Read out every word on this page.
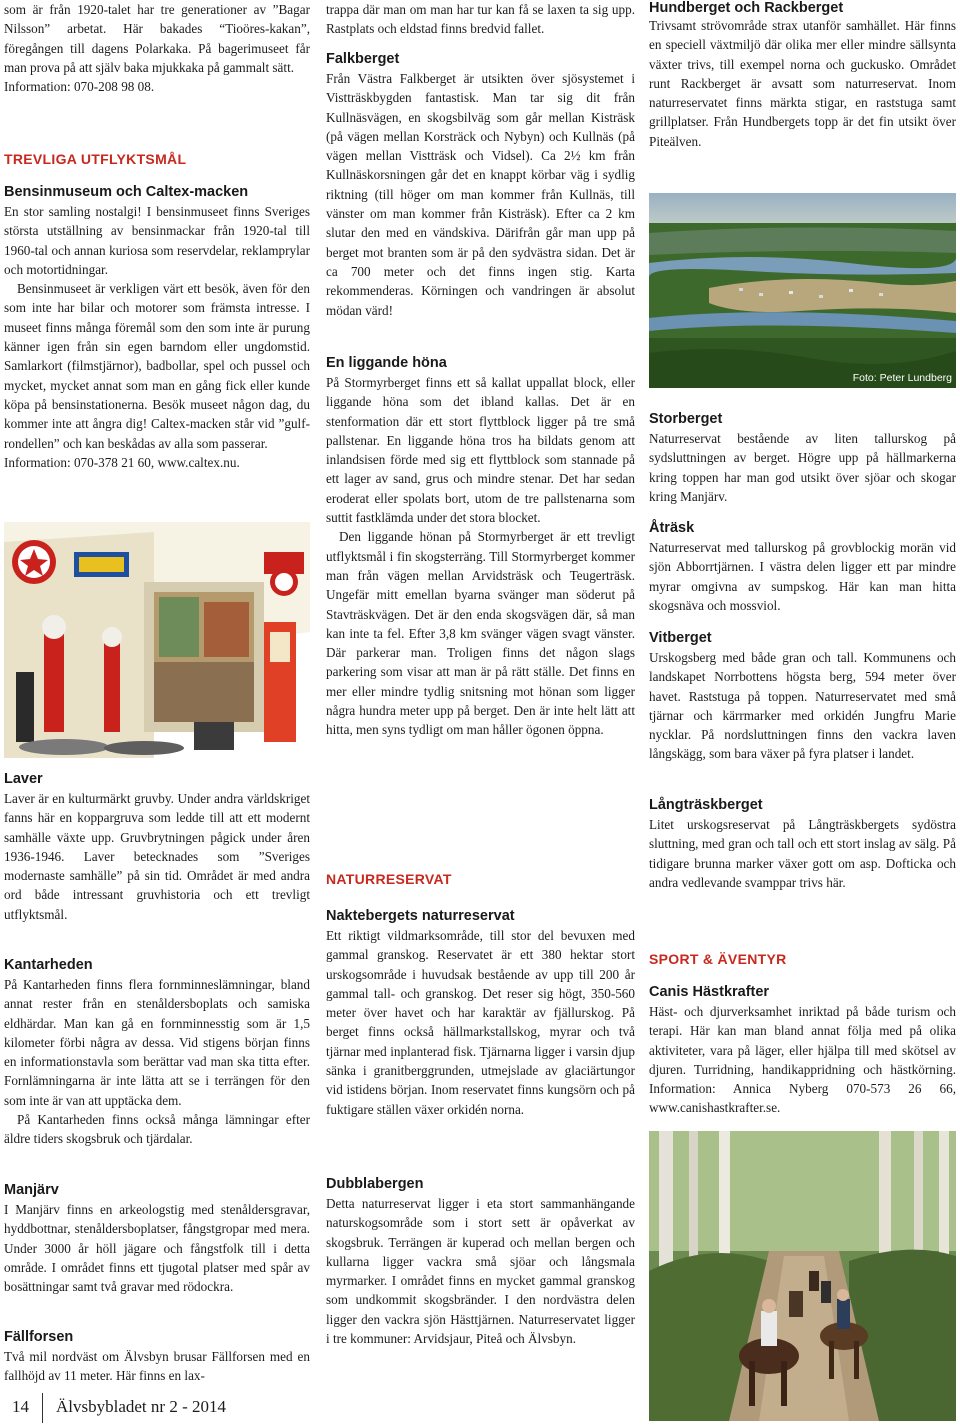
som är från 1920-talet har tre generationer av ”Bagar Nilsson” arbetat. Här bakades “Tioöres-kakan”, föregången till dagens Polarkaka. På bagerimuseet får man prova på att själv baka mjukkaka på gammalt sätt.

Information: 070-208 98 08.

TREVLIGA UTFLYKTSMÅL
Bensinmuseum och Caltex-macken

En stor samling nostalgi! I bensinmuseet finns Sveriges största utställning av bensinmackar från 1920-tal till 1960-tal och annan kuriosa som reservdelar, reklamprylar och motortidningar.

Bensinmuseet är verkligen värt ett besök, även för den som inte har bilar och motorer som främsta intresse. I museet finns många föremål som den som inte är purung känner igen från sin egen barndom eller ungdomstid. Samlarkort (filmstjärnor), badbollar, spel och pussel och mycket, mycket annat som man en gång fick eller kunde köpa på bensinstationerna. Besök museet någon dag, du kommer inte att ångra dig! Caltex-macken står vid ”gulf-rondellen” och kan beskådas av alla som passerar.

Information: 070-378 21 60, www.caltex.nu.

Laver

Laver är en kulturmärkt gruvby. Under andra världskriget fanns här en koppargruva som ledde till att ett modernt samhälle växte upp. Gruvbrytningen pågick under åren 1936-1946. Laver betecknades som ”Sveriges modernaste samhälle” på sin tid. Området är med andra ord både intressant gruvhistoria och ett trevligt utflyktsmål.

Kantarheden

På Kantarheden finns flera fornminneslämningar, bland annat rester från en stenåldersboplats och samiska eldhärdar. Man kan gå en fornminnesstig som är 1,5 kilometer förbi några av dessa. Vid stigens början finns en informationstavla som berättar vad man ska titta efter. Fornlämningarna är inte lätta att se i terrängen för den som inte är van att upptäcka dem.

På Kantarheden finns också många lämningar efter äldre tiders skogsbruk och tjärdalar.

Manjärv

I Manjärv finns en arkeologstig med stenåldersgravar, hyddbottnar, stenåldersboplatser, fångstgropar med mera. Under 3000 år höll jägare och fångstfolk till i detta område. I området finns ett tjugotal platser med spår av bosättningar samt två gravar med rödockra.

Fällforsen

Två mil nordväst om Älvsbyn brusar Fällforsen med en fallhöjd av 11 meter. Här finns en lax-

trappa där man om man har tur kan få se laxen ta sig upp. Rastplats och eldstad finns bredvid fallet.

Falkberget

Från Västra Falkberget är utsikten över sjösystemet i Vistträskbygden fantastisk. Man tar sig dit från Kullnäsvägen, en skogsbilväg som går mellan Kisträsk (på vägen mellan Korsträck och Nybyn) och Kullnäs (på vägen mellan Vistträsk och Vidsel). Ca 2½ km från Kullnäskorsningen går det en knappt körbar väg i sydlig riktning (till höger om man kommer från Kullnäs, till vänster om man kommer från Kisträsk). Efter ca 2 km slutar den med en vändskiva. Därifrån går man upp på berget mot branten som är på den sydvästra sidan. Det är ca 700 meter och det finns ingen stig. Karta rekommenderas. Körningen och vandringen är absolut mödan värd!

En liggande höna

På Stormyrberget finns ett så kallat uppallat block, eller liggande höna som det ibland kallas. Det är en stenformation där ett stort flyttblock ligger på tre små pallstenar. En liggande höna tros ha bildats genom att inlandsisen förde med sig ett flyttblock som stannade på ett lager av sand, grus och mindre stenar. Det har sedan eroderat eller spolats bort, utom de tre pallstenarna som suttit fastklämda under det stora blocket.

Den liggande hönan på Stormyrberget är ett trevligt utflyktsmål i fin skogsterräng. Till Stormyrberget kommer man från vägen mellan Arvidsträsk och Teugerträsk. Ungefär mitt emellan byarna svänger man söderut på Stavträskvägen. Det är den enda skogsvägen där, så man kan inte ta fel. Efter 3,8 km svänger vägen svagt vänster. Där parkerar man. Troligen finns det någon slags parkering som visar att man är på rätt ställe. Det finns en mer eller mindre tydlig snitsning mot hönan som ligger några hundra meter upp på berget. Den är inte helt lätt att hitta, men syns tydligt om man håller ögonen öppna.

NATURRESERVAT
Naktebergets naturreservat

Ett riktigt vildmarksområde, till stor del bevuxen med gammal granskog. Reservatet är ett 380 hektar stort urskogsområde i huvudsak bestående av upp till 200 år gammal tall- och granskog. Det reser sig högt, 350-560 meter över havet och har karaktär av fjällurskog. På berget finns också hällmarkstallskog, myrar och två tjärnar med inplanterad fisk. Tjärnarna ligger i varsin djup sänka i granitberggrunden, utmejslade av glaciärtungor vid istidens början. Inom reservatet finns kungsörn och på fuktigare ställen växer orkidén norna.

Dubblabergen

Detta naturreservat ligger i eta stort sammanhängande naturskogsområde som i stort sett är opåverkat av skogsbruk. Terrängen är kuperad och mellan bergen och kullarna ligger vackra små sjöar och långsmala myrmarker. I området finns en mycket gammal granskog som undkommit skogsbränder. I den nordvästra delen ligger den vackra sjön Hästtjärnen. Naturreservatet ligger i tre kommuner: Arvidsjaur, Piteå och Älvsbyn.

Hundberget och Rackberget

Trivsamt strövområde strax utanför samhället. Här finns en speciell växtmiljö där olika mer eller mindre sällsynta växter trivs, till exempel norna och guckusko. Området runt Rackberget är avsatt som naturreservat. Inom naturreservatet finns märkta stigar, en raststuga samt grillplatser. Från Hundbergets topp är det fin utsikt över Piteälven.

Foto: Peter Lundberg
Storberget

Naturreservat bestående av liten tallurskog på sydsluttningen av berget. Högre upp på hällmarkerna kring toppen har man god utsikt över sjöar och skogar kring Manjärv.

Åträsk

Naturreservat med tallurskog på grovblockig morän vid sjön Abborrtjärnen. I västra delen ligger ett par mindre myrar omgivna av sumpskog. Här kan man hitta skogsnäva och mossviol.

Vitberget

Urskogsberg med både gran och tall. Kommunens och landskapet Norrbottens högsta berg, 594 meter över havet. Raststuga på toppen. Naturreservatet med små tjärnar och kärrmarker med orkidén Jungfru Marie nycklar. På nordsluttningen finns den vackra laven långskägg, som bara växer på fyra platser i landet.

Långträskberget

Litet urskogsreservat på Långträskbergets sydöstra sluttning, med gran och tall och ett stort inslag av sälg. På tidigare brunna marker växer gott om asp. Dofticka och andra vedlevande svamppar trivs här.

SPORT & ÄVENTYR
Canis Hästkrafter

Häst- och djurverksamhet inriktad på både turism och terapi. Här kan man bland annat följa med på olika aktiviteter, vara på läger, eller hjälpa till med skötsel av djuren. Turridning, handikappridning och hästkörning. Information: Annica Nyberg 070-573 26 66, www.canishastkrafter.se.

14 Älvsbybladet nr 2 - 2014
